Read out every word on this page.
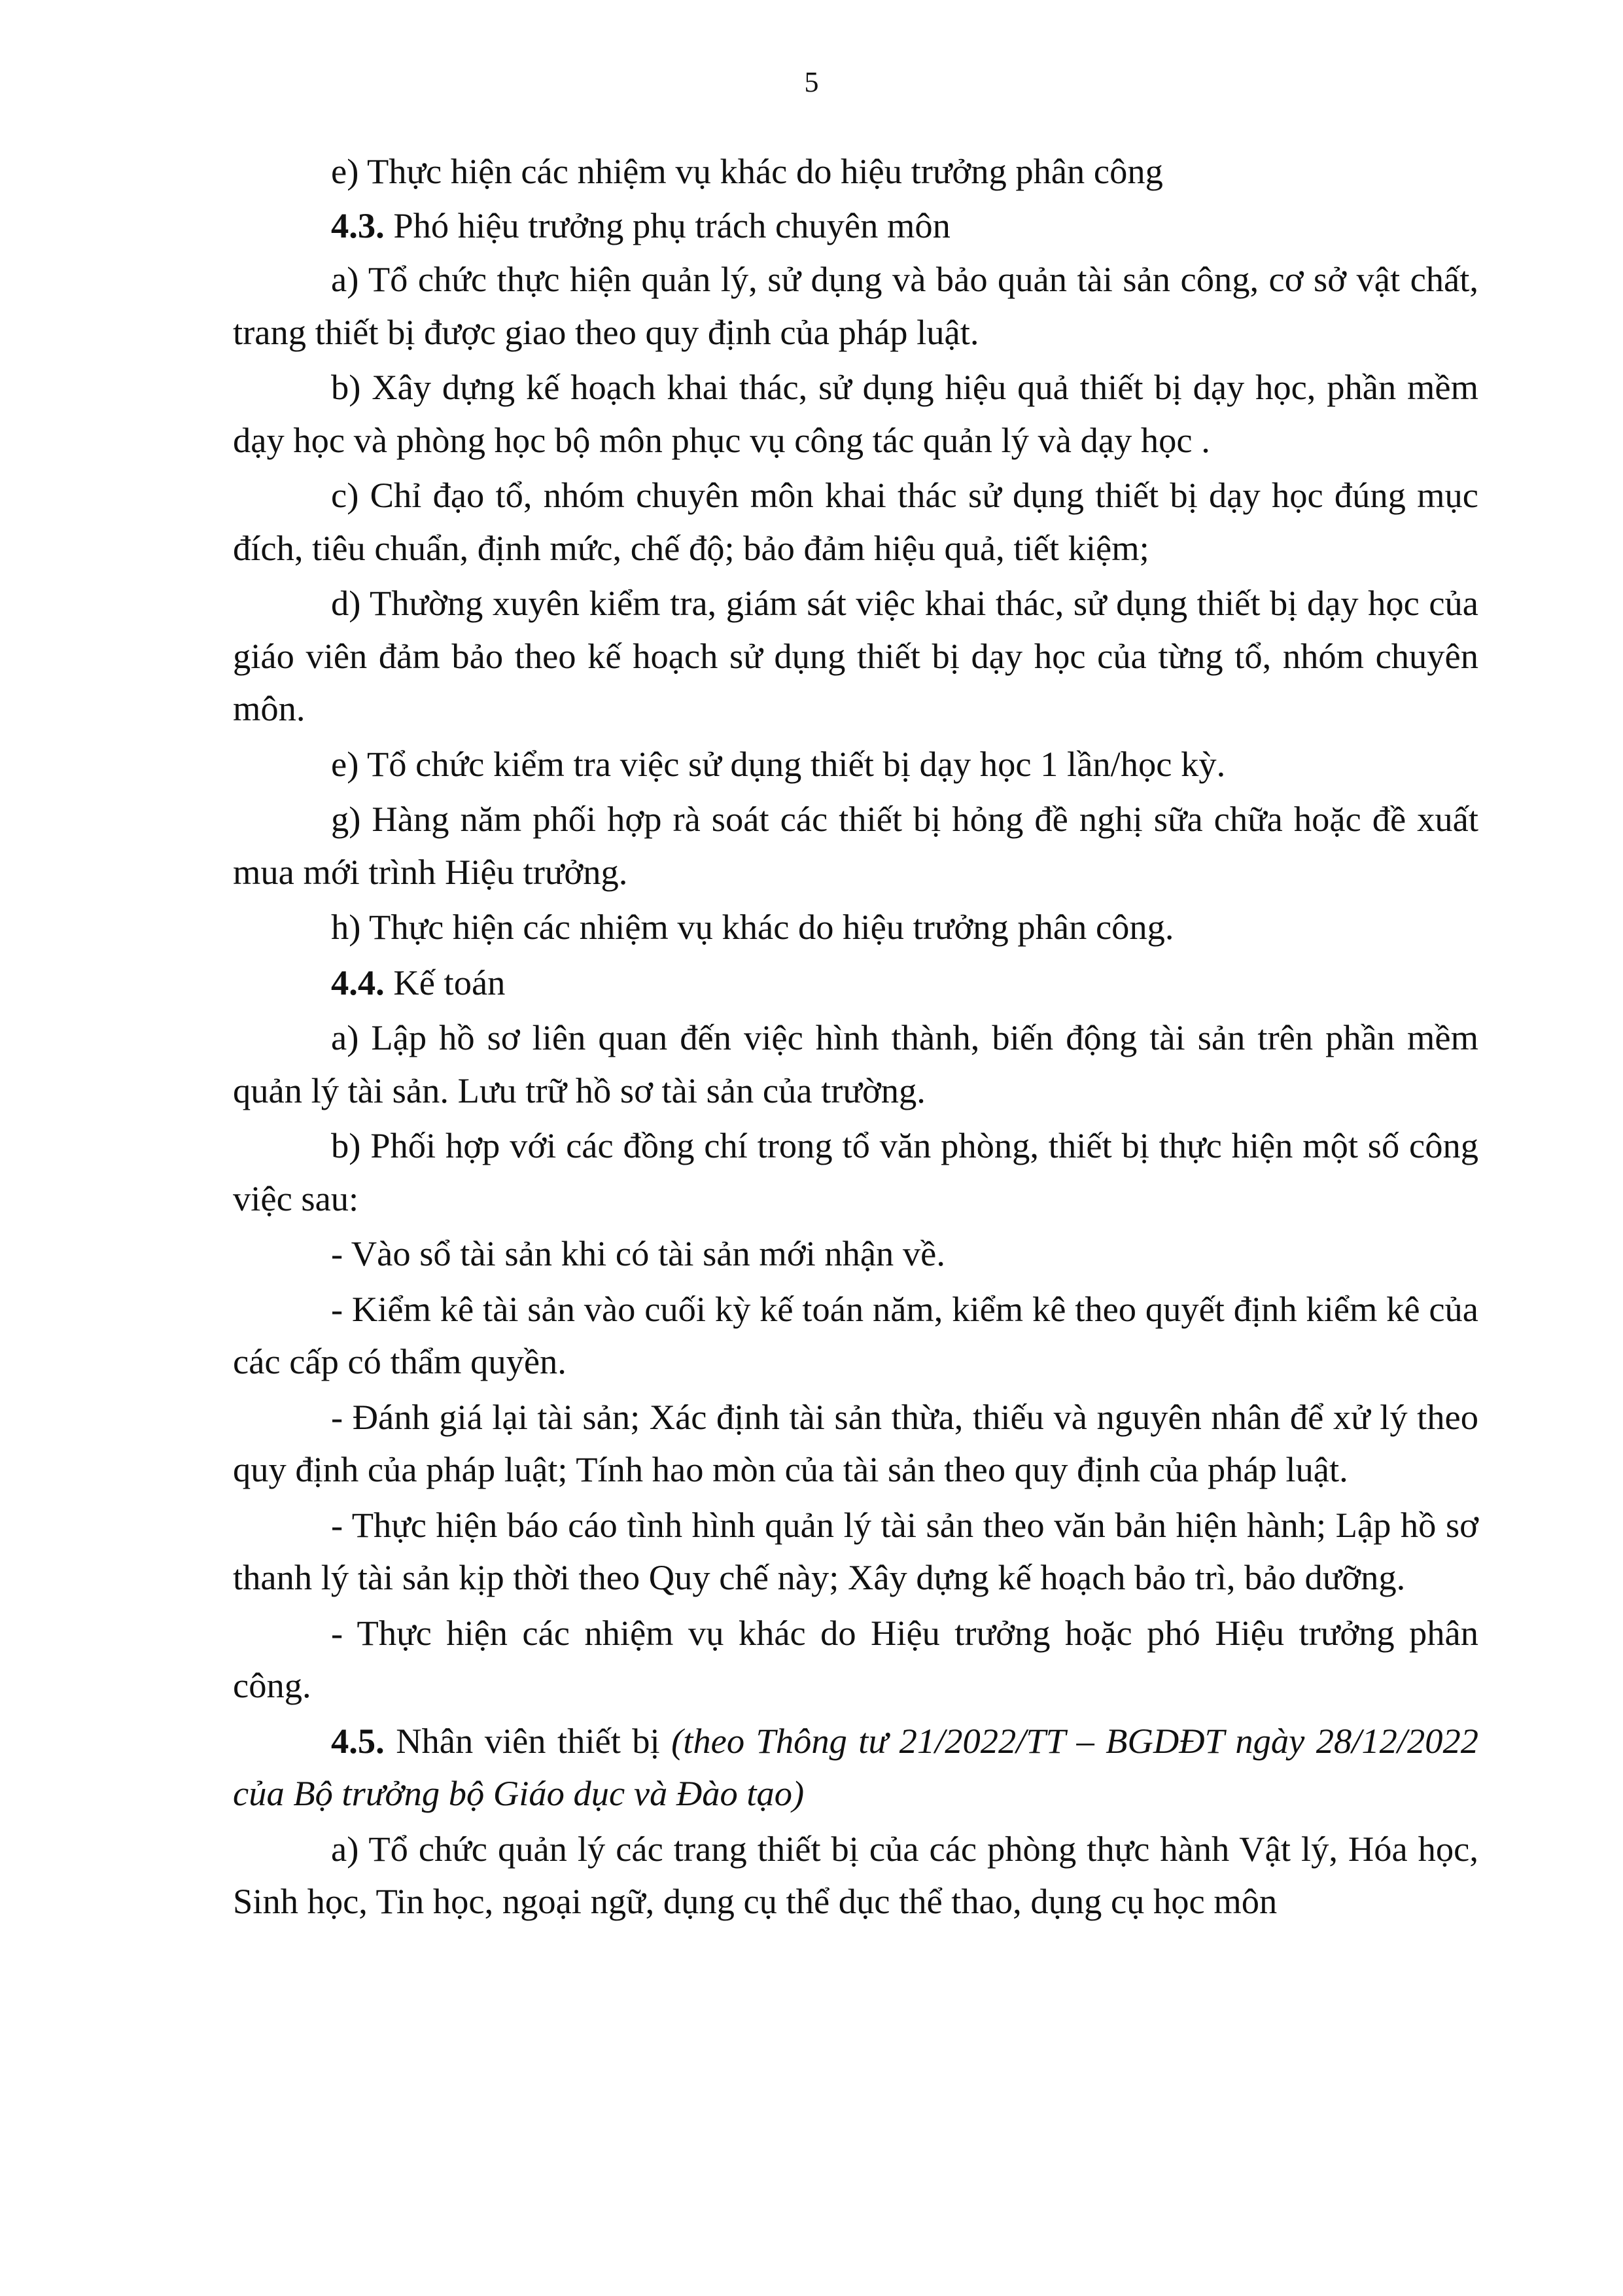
5

e) Thực hiện các nhiệm vụ khác do hiệu trưởng phân công

4.3. Phó hiệu trưởng phụ trách chuyên môn

a) Tổ chức thực hiện quản lý, sử dụng và bảo quản tài sản công, cơ sở vật chất, trang thiết bị được giao theo quy định của pháp luật.

b) Xây dựng kế hoạch khai thác, sử dụng hiệu quả thiết bị dạy học, phần mềm dạy học và phòng học bộ môn phục vụ công tác quản lý và dạy học .

c) Chỉ đạo tổ, nhóm chuyên môn khai thác sử dụng thiết bị dạy học đúng mục đích, tiêu chuẩn, định mức, chế độ; bảo đảm hiệu quả, tiết kiệm;

d) Thường xuyên kiểm tra, giám sát việc khai thác, sử dụng thiết bị dạy học của giáo viên đảm bảo theo kế hoạch sử dụng thiết bị dạy học của từng tổ, nhóm chuyên môn.

e) Tổ chức kiểm tra việc sử dụng thiết bị dạy học 1 lần/học kỳ.

g) Hàng năm phối hợp rà soát các thiết bị hỏng đề nghị sữa chữa hoặc đề xuất mua mới trình Hiệu trưởng.

h) Thực hiện các nhiệm vụ khác do hiệu trưởng phân công.

4.4. Kế toán

a) Lập hồ sơ liên quan đến việc hình thành, biến động tài sản trên phần mềm quản lý tài sản. Lưu trữ hồ sơ tài sản của trường.

b) Phối hợp với các đồng chí trong tổ văn phòng, thiết bị thực hiện một số công việc sau:

- Vào sổ tài sản khi có tài sản mới nhận về.

- Kiểm kê tài sản vào cuối kỳ kế toán năm, kiểm kê theo quyết định kiểm kê của các cấp có thẩm quyền.

- Đánh giá lại tài sản; Xác định tài sản thừa, thiếu và nguyên nhân để xử lý theo quy định của pháp luật; Tính hao mòn của tài sản theo quy định của pháp luật.

- Thực hiện báo cáo tình hình quản lý tài sản theo văn bản hiện hành; Lập hồ sơ thanh lý tài sản kịp thời theo Quy chế này; Xây dựng kế hoạch bảo trì, bảo dưỡng.

- Thực hiện các nhiệm vụ khác do Hiệu trưởng hoặc phó Hiệu trưởng phân công.

4.5. Nhân viên thiết bị (theo Thông tư 21/2022/TT – BGDĐT ngày 28/12/2022 của Bộ trưởng bộ Giáo dục và Đào tạo)

a) Tổ chức quản lý các trang thiết bị của các phòng thực hành Vật lý, Hóa học, Sinh học, Tin học, ngoại ngữ, dụng cụ thể dục thể thao, dụng cụ học môn
